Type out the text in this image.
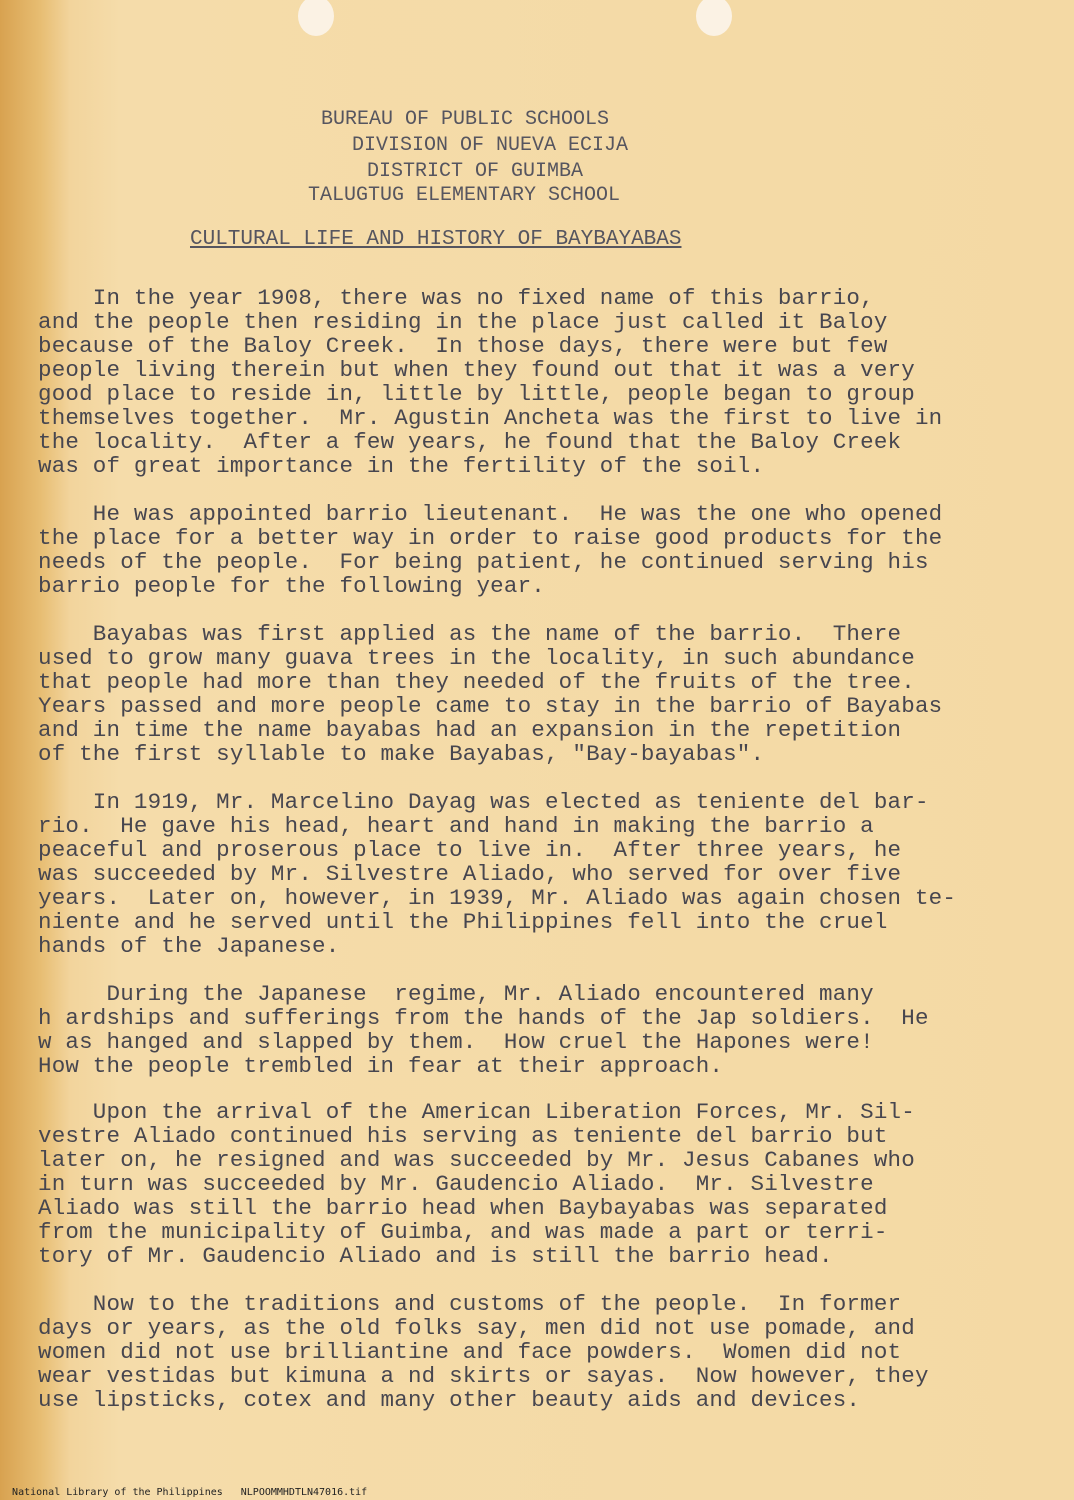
BUREAU OF PUBLIC SCHOOLS
DIVISION OF NUEVA ECIJA
DISTRICT OF GUIMBA
TALUGTUG ELEMENTARY SCHOOL
CULTURAL LIFE AND HISTORY OF BAYBAYABAS
In the year 1908, there was no fixed name of this barrio,
and the people then residing in the place just called it Baloy
because of the Baloy Creek.  In those days, there were but few
people living therein but when they found out that it was a very
good place to reside in, little by little, people began to group
themselves together.  Mr. Agustin Ancheta was the first to live in
the locality.  After a few years, he found that the Baloy Creek
was of great importance in the fertility of the soil.
He was appointed barrio lieutenant.  He was the one who opened
the place for a better way in order to raise good products for the
needs of the people.  For being patient, he continued serving his
barrio people for the following year.
Bayabas was first applied as the name of the barrio.  There
used to grow many guava trees in the locality, in such abundance
that people had more than they needed of the fruits of the tree.
Years passed and more people came to stay in the barrio of Bayabas
and in time the name bayabas had an expansion in the repetition
of the first syllable to make Bayabas, "Bay-bayabas".
In 1919, Mr. Marcelino Dayag was elected as teniente del bar-
rio.  He gave his head, heart and hand in making the barrio a
peaceful and proserous place to live in.  After three years, he
was succeeded by Mr. Silvestre Aliado, who served for over five
years.  Later on, however, in 1939, Mr. Aliado was again chosen te-
niente and he served until the Philippines fell into the cruel
hands of the Japanese.
During the Japanese  regime, Mr. Aliado encountered many
h ardships and sufferings from the hands of the Jap soldiers.  He
w as hanged and slapped by them.  How cruel the Hapones were!
How the people trembled in fear at their approach.
Upon the arrival of the American Liberation Forces, Mr. Sil-
vestre Aliado continued his serving as teniente del barrio but
later on, he resigned and was succeeded by Mr. Jesus Cabanes who
in turn was succeeded by Mr. Gaudencio Aliado.  Mr. Silvestre
Aliado was still the barrio head when Baybayabas was separated
from the municipality of Guimba, and was made a part or terri-
tory of Mr. Gaudencio Aliado and is still the barrio head.
Now to the traditions and customs of the people.  In former
days or years, as the old folks say, men did not use pomade, and
women did not use brilliantine and face powders.  Women did not
wear vestidas but kimuna a nd skirts or sayas.  Now however, they
use lipsticks, cotex and many other beauty aids and devices.

National Library of the Philippines NLPOOMMHDTLN47016.tif
